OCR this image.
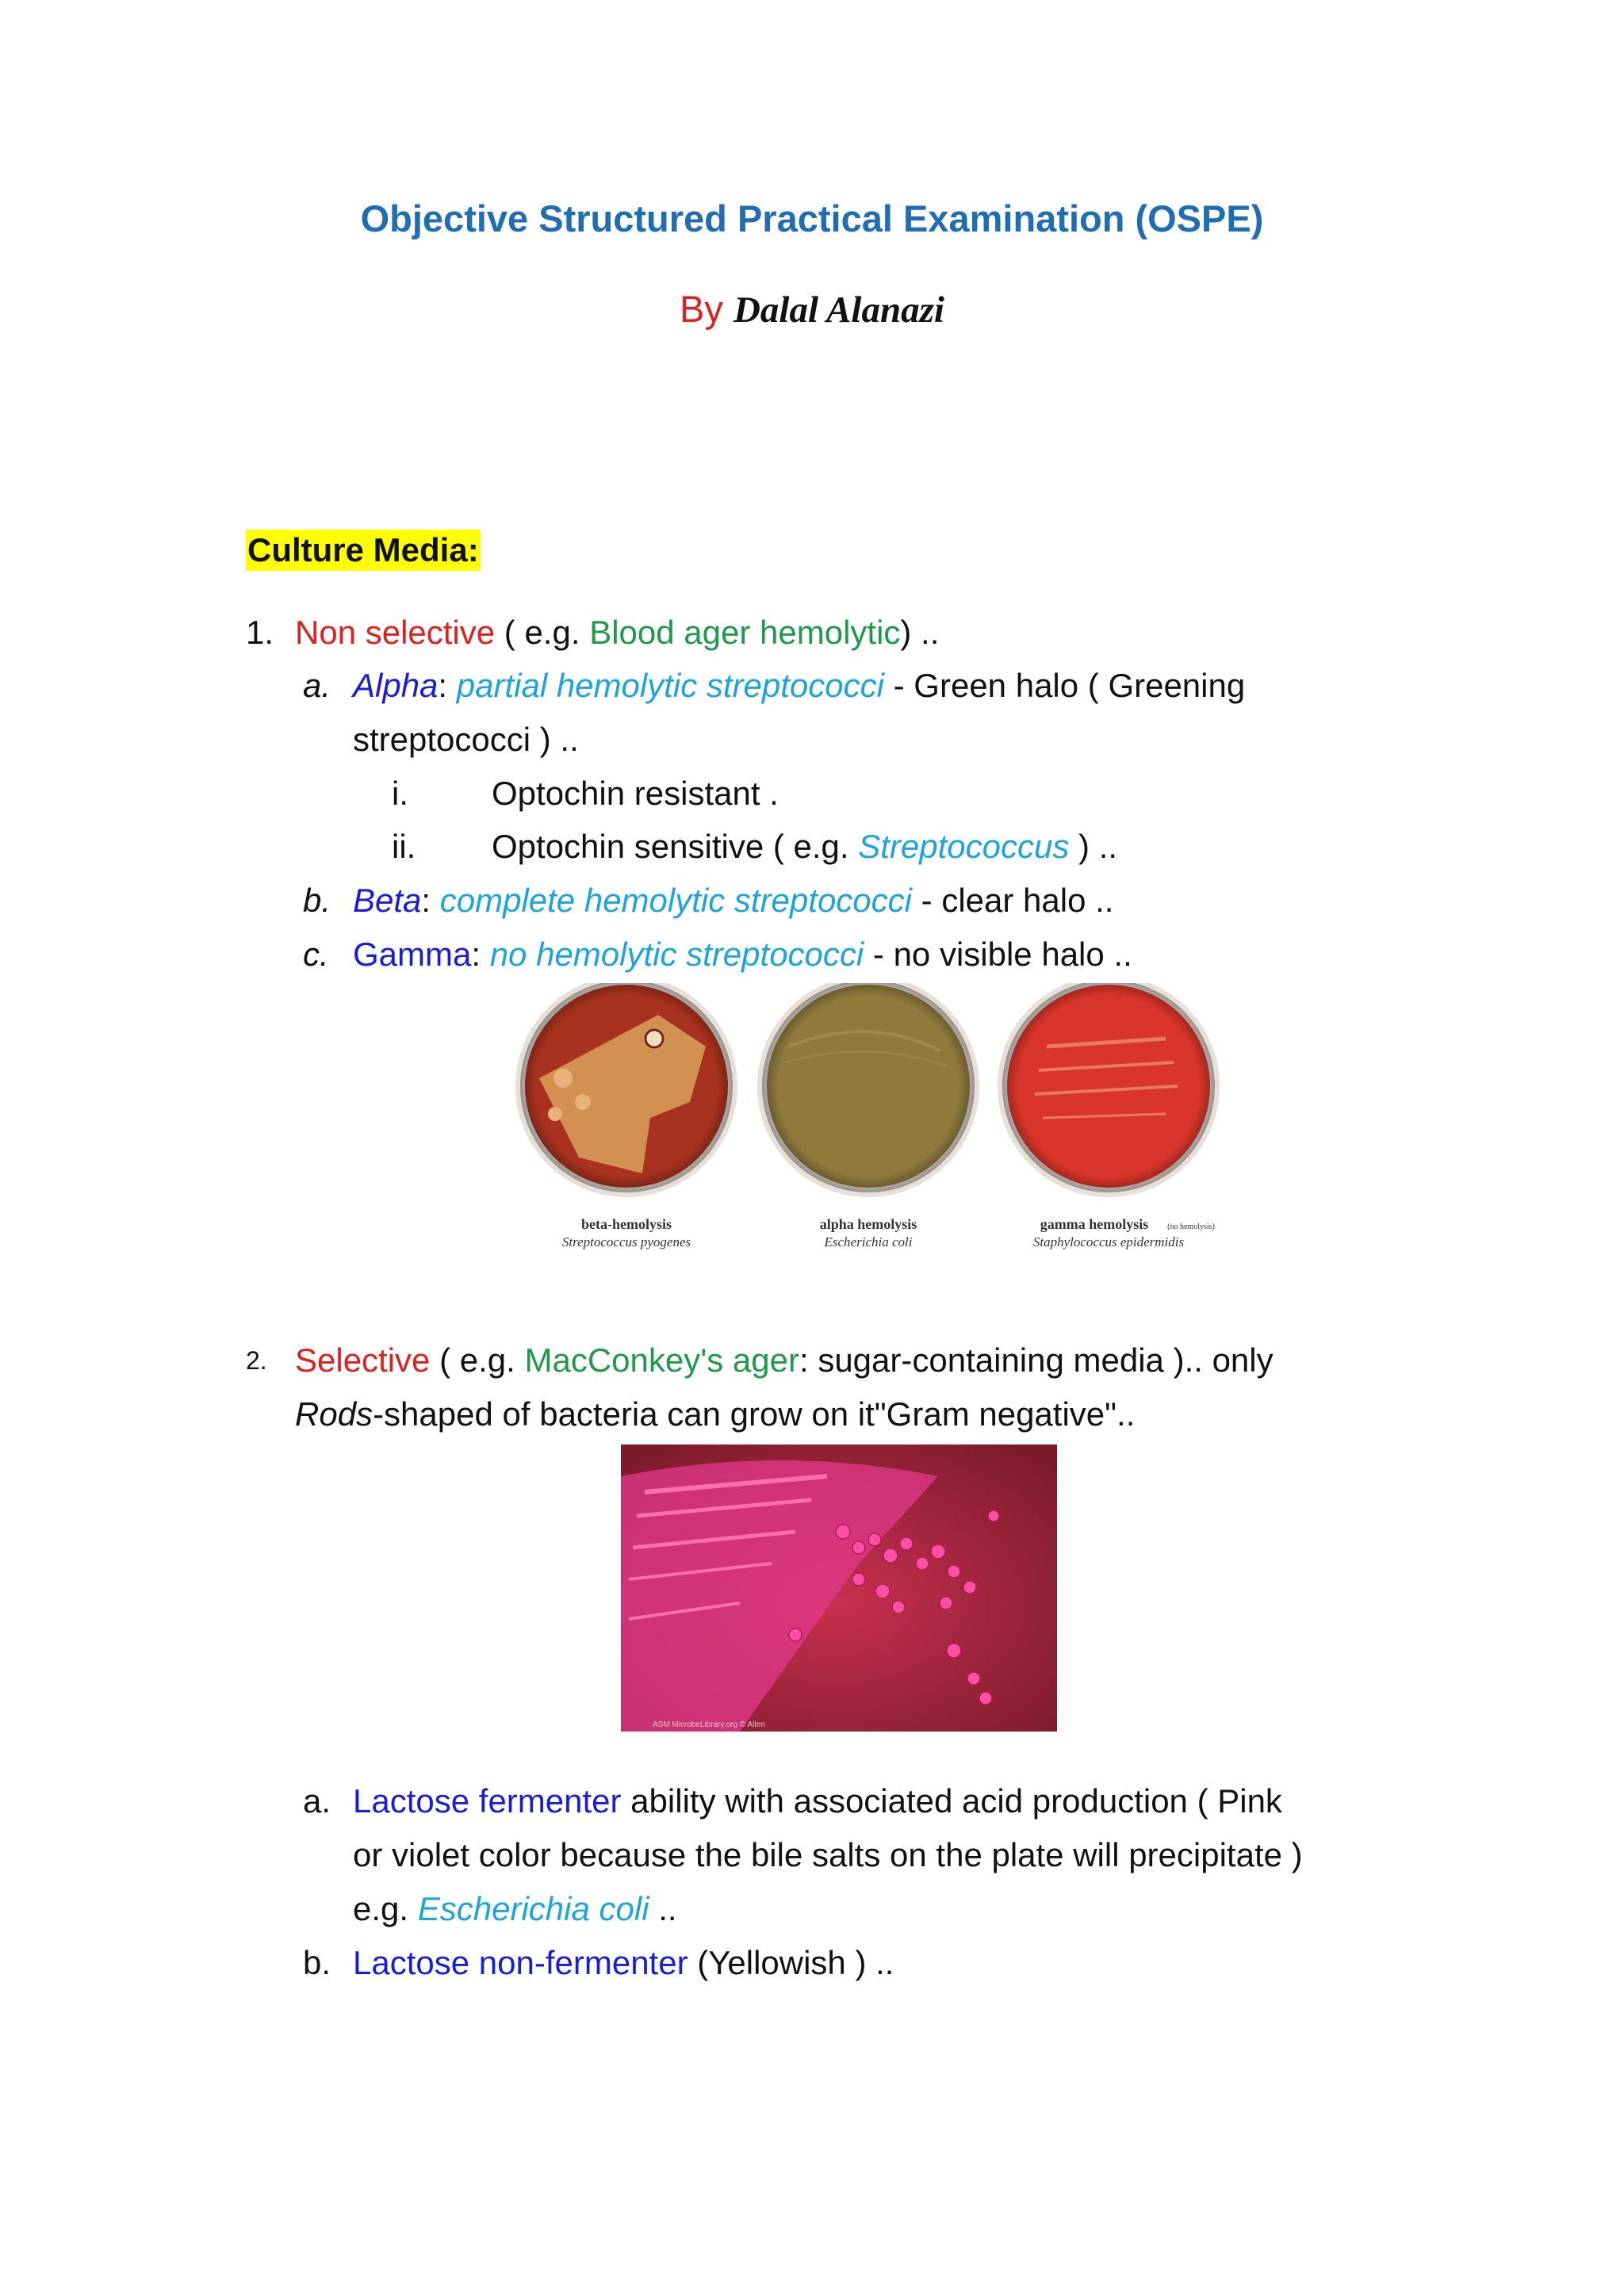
Objective Structured Practical Examination (OSPE)
By Dalal Alanazi
Culture Media:
1. Non selective ( e.g. Blood ager hemolytic) ..
a. Alpha: partial hemolytic streptococci - Green halo ( Greening
streptococci ) ..
i.	Optochin resistant .
ii. Optochin sensitive ( e.g. Streptococcus ) ..
b. Beta: complete hemolytic streptococci - clear halo ..
c. Gamma: no hemolytic streptococci - no visible halo ..
beta-hemolysis
Streptococcus pyogenes
alpha hemolysis
Escherichia coli
gamma hemolysis (no hemolysis)
Staphylococcus epidermidis
2. Selective ( e.g. MacConkey's ager: sugar-containing media ).. only
Rods-shaped of bacteria can grow on it"Gram negative"..
ASM MicrobeLibrary.org © Allen
a. Lactose fermenter ability with associated acid production ( Pink
or violet color because the bile salts on the plate will precipitate )
e.g. Escherichia coli ..
b. Lactose non-fermenter (Yellowish ) ..
